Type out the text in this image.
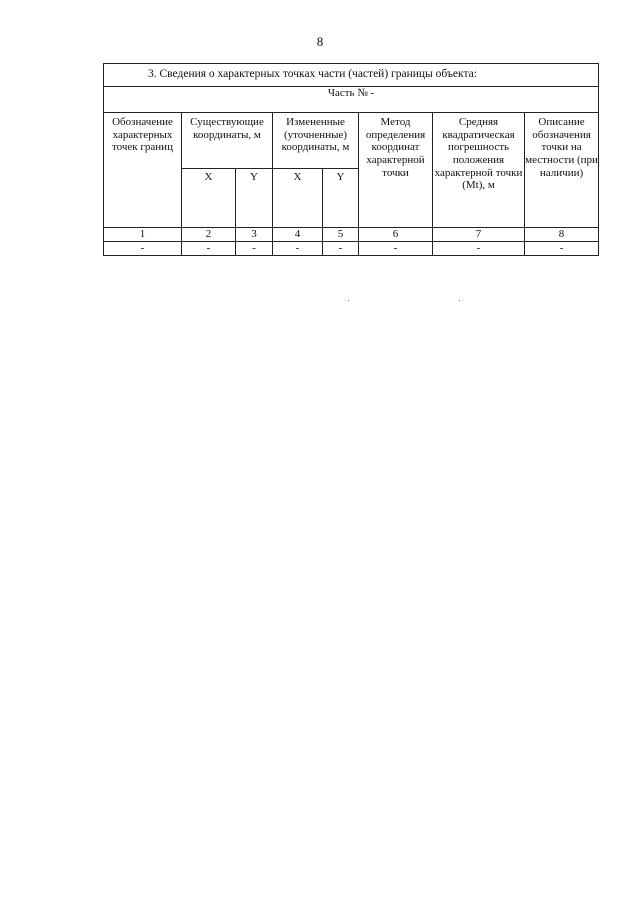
8
3. Сведения о характерных точках части (частей) границы объекта:							
Часть № -							
Обозначение характерных точек границ	Существующие координаты, м		Измененные (уточненные) координаты, м		Метод определения координат характерной точки	Средняя квадратическая погрешность положения характерной точки (Mt), м	Описание обозначения точки на местности (при наличии)
	X	Y	X	Y			
1	2	3	4	5	6	7	8
-	-	-	-	-	-	-	-
